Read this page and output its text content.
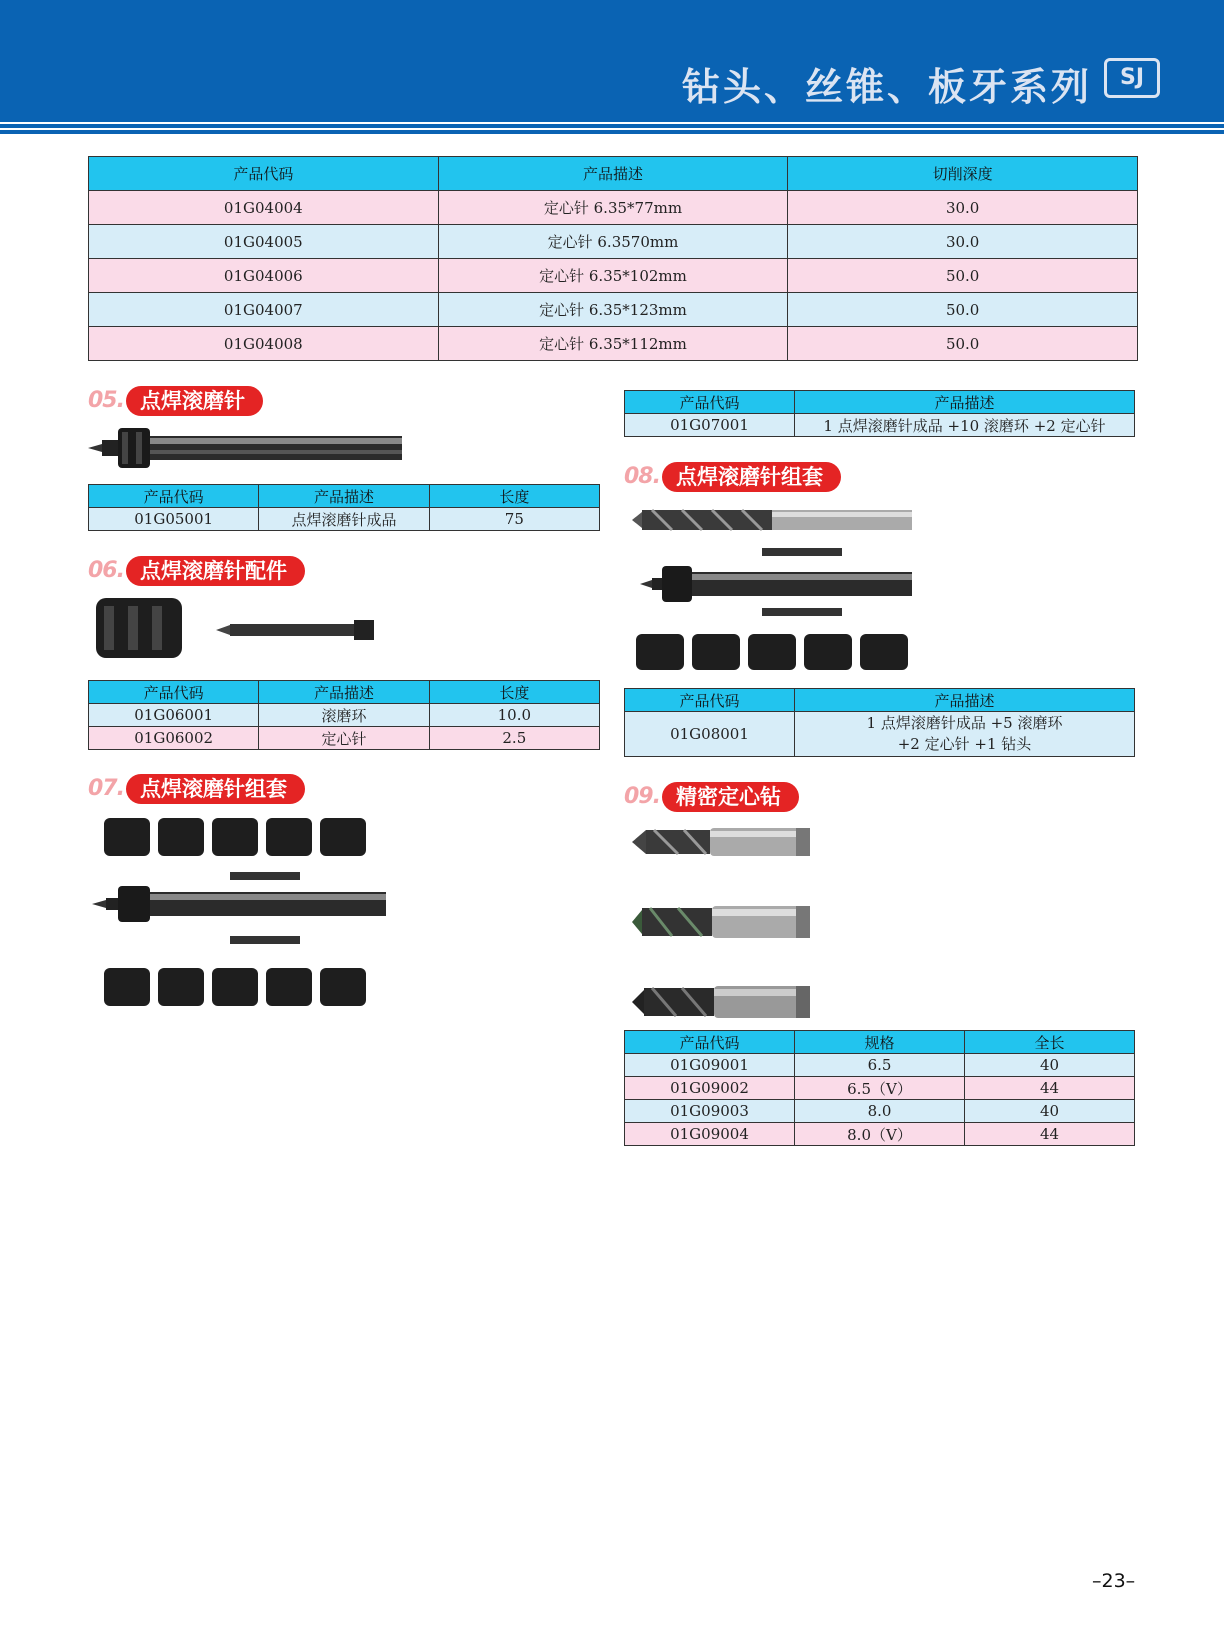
钻头、丝锥、板牙系列	SJ
产品代码	产品描述	切削深度
01G04004	定心针 6.35*77mm	30.0
01G04005	定心针 6.3570mm	30.0
01G04006	定心针 6.35*102mm	50.0
01G04007	定心针 6.35*123mm	50.0
01G04008	定心针 6.35*112mm	50.0
05. 点焊滚磨针
产品代码	产品描述	长度
01G05001	点焊滚磨针成品	75
06. 点焊滚磨针配件
产品代码	产品描述	长度
01G06001	滚磨环	10.0
01G06002	定心针	2.5
07. 点焊滚磨针组套
产品代码	产品描述
01G07001	1 点焊滚磨针成品 +10 滚磨环 +2 定心针
08. 点焊滚磨针组套
产品代码	产品描述
01G08001	1 点焊滚磨针成品 +5 滚磨环
+2 定心针 +1 钻头
09. 精密定心钻
产品代码	规格	全长
01G09001	6.5	40
01G09002	6.5（V）	44
01G09003	8.0	40
01G09004	8.0（V）	44
–23–
